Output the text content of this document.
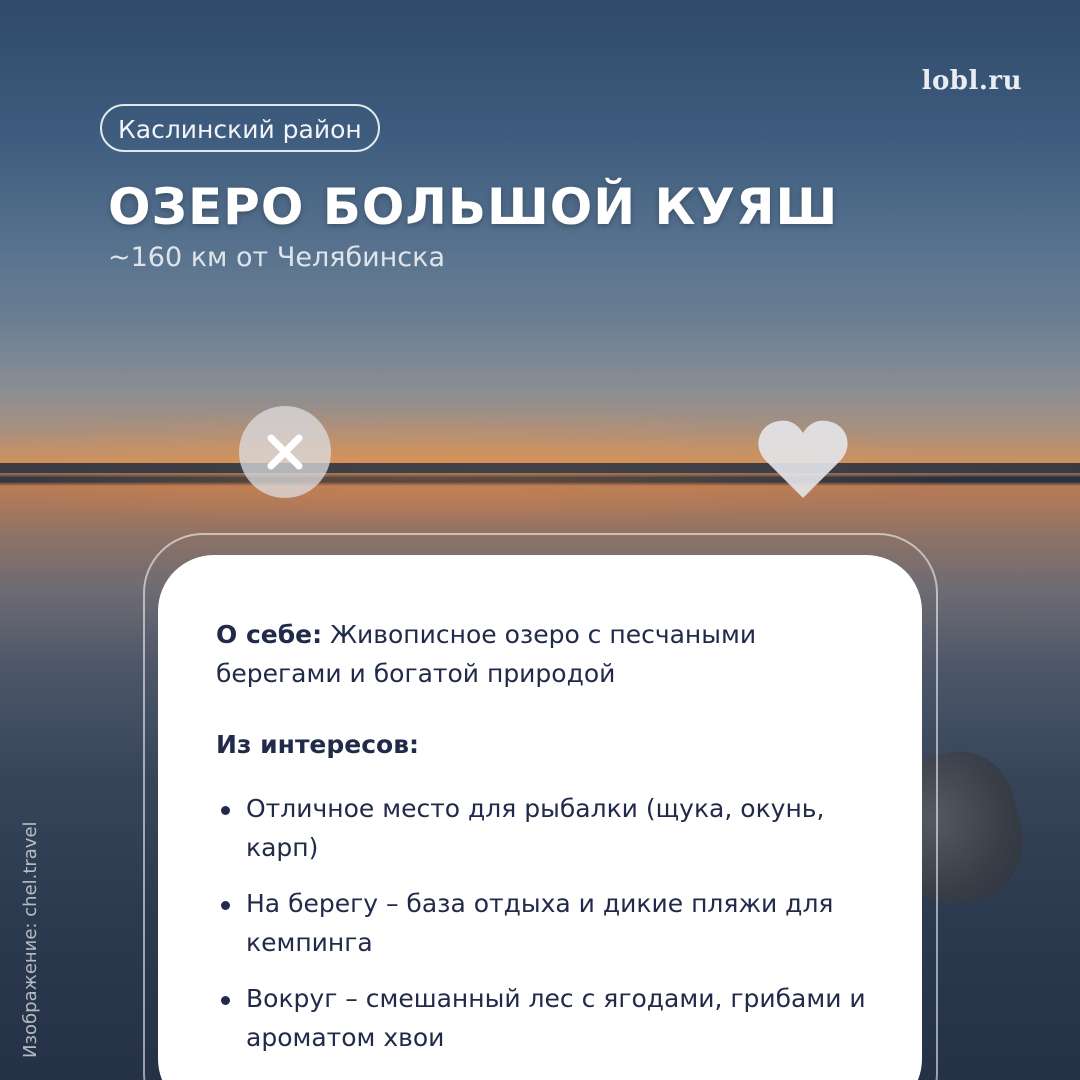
lobl.ru
Каслинский район
ОЗЕРО БОЛЬШОЙ КУЯШ
~160 км от Челябинска
О себе: Живописное озеро с песчаными берегами и богатой природой
Из интересов:
Отличное место для рыбалки (щука, окунь, карп)
На берегу – база отдыха и дикие пляжи для кемпинга
Вокруг – смешанный лес с ягодами, грибами и ароматом хвои
Изображение: chel.travel
